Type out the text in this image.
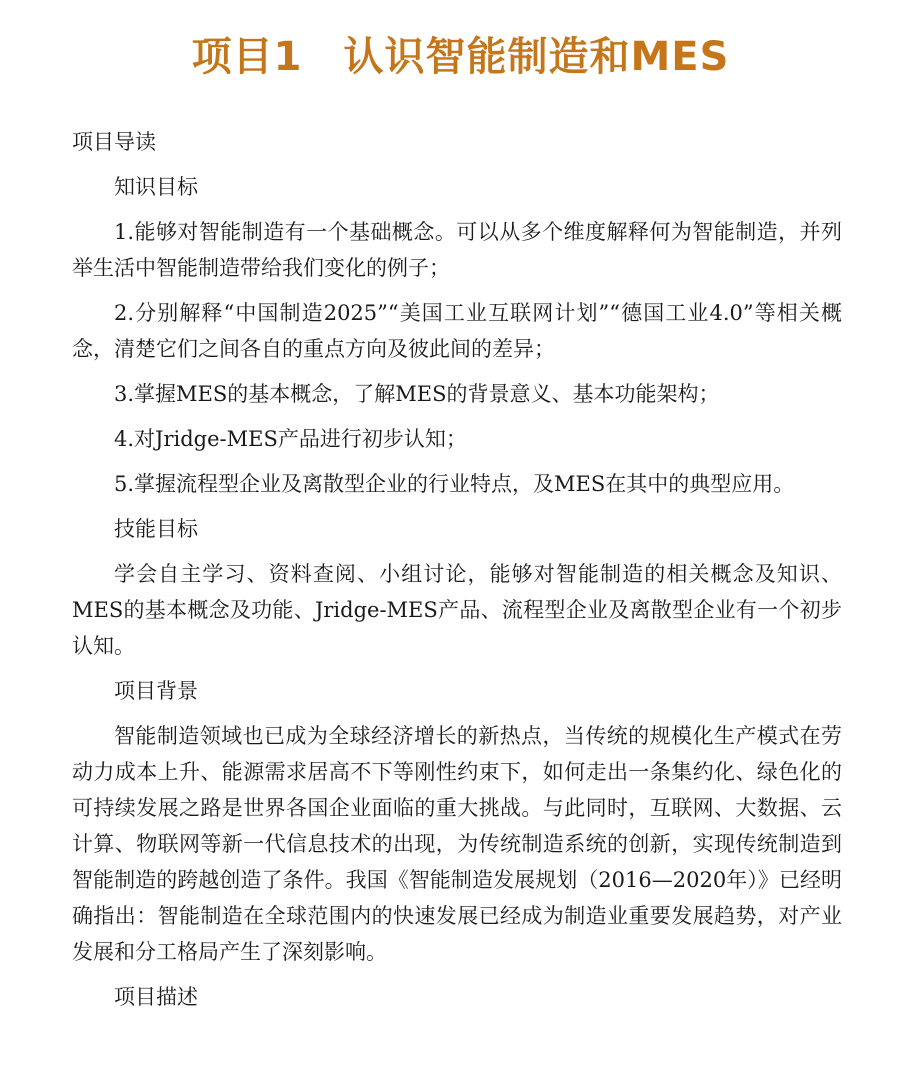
项目1　认识智能制造和MES

项目导读

知识目标

1.能够对智能制造有一个基础概念。可以从多个维度解释何为智能制造，并列举生活中智能制造带给我们变化的例子；

2.分别解释“中国制造2025”“美国工业互联网计划”“德国工业4.0”等相关概念，清楚它们之间各自的重点方向及彼此间的差异；

3.掌握MES的基本概念，了解MES的背景意义、基本功能架构；

4.对Jridge-MES产品进行初步认知；

5.掌握流程型企业及离散型企业的行业特点，及MES在其中的典型应用。

技能目标

学会自主学习、资料查阅、小组讨论，能够对智能制造的相关概念及知识、MES的基本概念及功能、Jridge-MES产品、流程型企业及离散型企业有一个初步认知。

项目背景

智能制造领域也已成为全球经济增长的新热点，当传统的规模化生产模式在劳动力成本上升、能源需求居高不下等刚性约束下，如何走出一条集约化、绿色化的可持续发展之路是世界各国企业面临的重大挑战。与此同时，互联网、大数据、云计算、物联网等新一代信息技术的出现，为传统制造系统的创新，实现传统制造到智能制造的跨越创造了条件。我国《智能制造发展规划（2016—2020年）》已经明确指出：智能制造在全球范围内的快速发展已经成为制造业重要发展趋势，对产业发展和分工格局产生了深刻影响。

项目描述
